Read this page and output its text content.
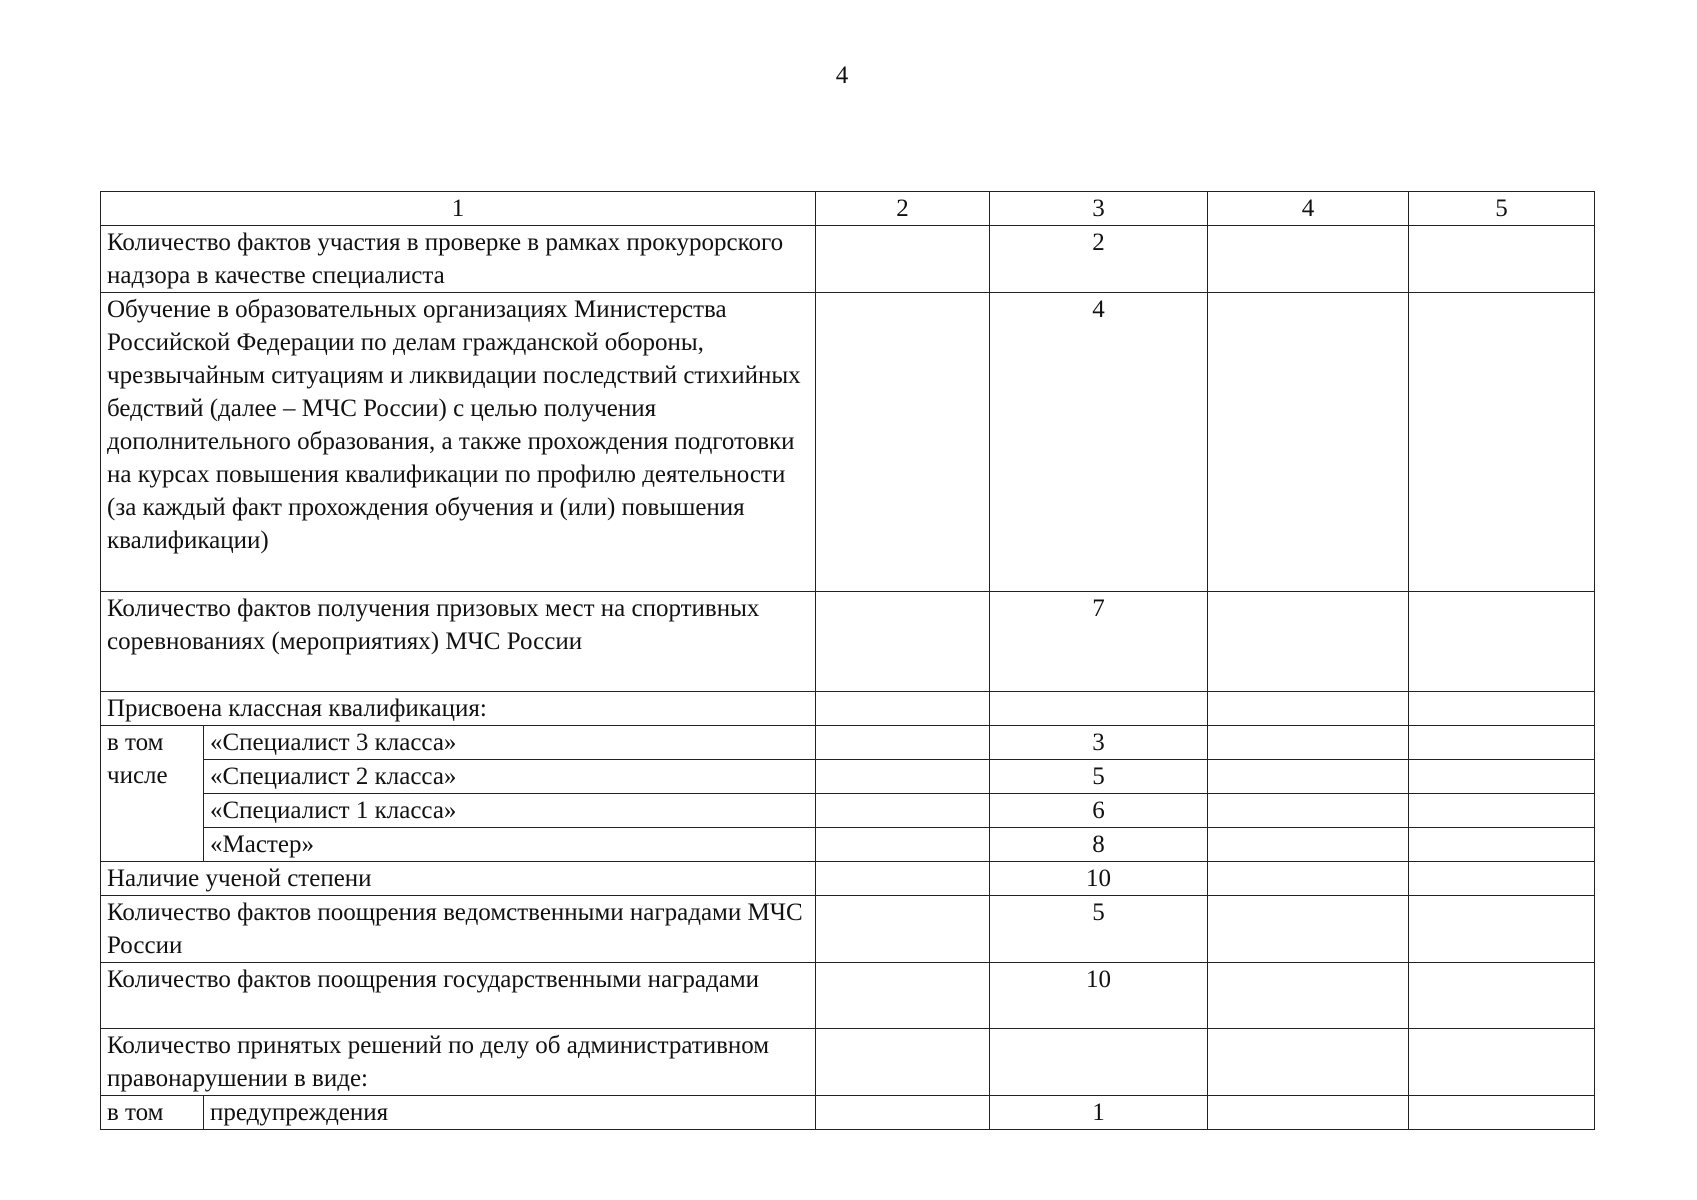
4
1		2	3	4	5
Количество фактов участия в проверке в рамках прокурорского надзора в качестве специалиста			2		
Обучение в образовательных организациях Министерства Российской Федерации по делам гражданской обороны, чрезвычайным ситуациям и ликвидации последствий стихийных бедствий (далее – МЧС России) с целью получения дополнительного образования, а также прохождения подготовки на курсах повышения квалификации по профилю деятельности (за каждый факт прохождения обучения и (или) повышения квалификации)			4		
Количество фактов получения призовых мест на спортивных соревнованиях (мероприятиях) МЧС России			7		
Присвоена классная квалификация:					
в том числе	«Специалист 3 класса»		3		
	«Специалист 2 класса»		5		
	«Специалист 1 класса»		6		
	«Мастер»		8		
Наличие ученой степени			10		
Количество фактов поощрения ведомственными наградами МЧС России			5		
Количество фактов поощрения государственными наградами			10		
Количество принятых решений по делу об административном правонарушении в виде:					
в том	предупреждения		1		
